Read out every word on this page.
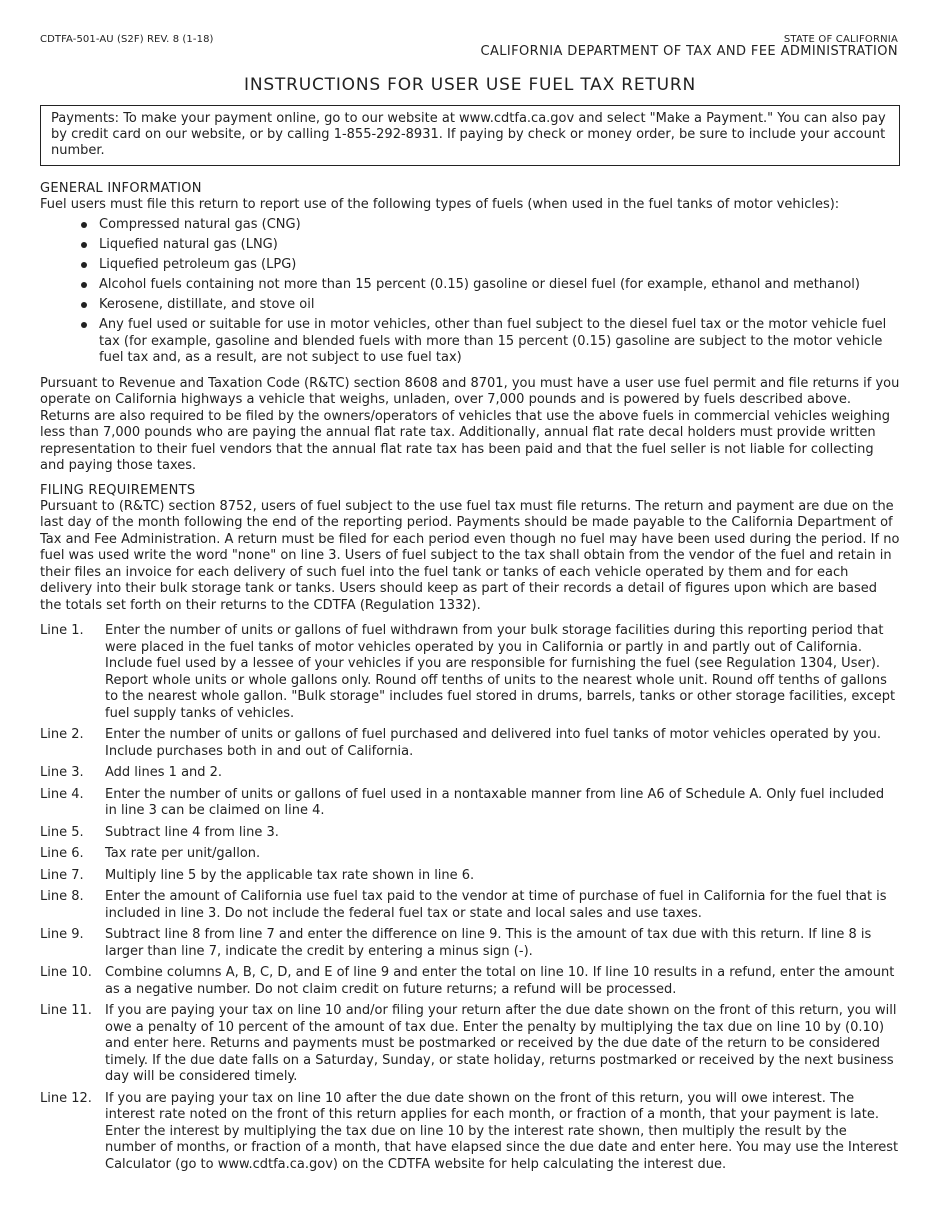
CDTFA-501-AU (S2F) REV. 8 (1-18)	STATE OF CALIFORNIA
CALIFORNIA DEPARTMENT OF TAX AND FEE ADMINISTRATION
INSTRUCTIONS FOR USER USE FUEL TAX RETURN
Payments: To make your payment online, go to our website at www.cdtfa.ca.gov and select "Make a Payment." You can also pay by credit card on our website, or by calling 1-855-292-8931. If paying by check or money order, be sure to include your account number.
GENERAL INFORMATION
Fuel users must file this return to report use of the following types of fuels (when used in the fuel tanks of motor vehicles):
Compressed natural gas (CNG)
Liquefied natural gas (LNG)
Liquefied petroleum gas (LPG)
Alcohol fuels containing not more than 15 percent (0.15) gasoline or diesel fuel (for example, ethanol and methanol)
Kerosene, distillate, and stove oil
Any fuel used or suitable for use in motor vehicles, other than fuel subject to the diesel fuel tax or the motor vehicle fuel tax (for example, gasoline and blended fuels with more than 15 percent (0.15) gasoline are subject to the motor vehicle fuel tax and, as a result, are not subject to use fuel tax)
Pursuant to Revenue and Taxation Code (R&TC) section 8608 and 8701, you must have a user use fuel permit and file returns if you operate on California highways a vehicle that weighs, unladen, over 7,000 pounds and is powered by fuels described above. Returns are also required to be filed by the owners/operators of vehicles that use the above fuels in commercial vehicles weighing less than 7,000 pounds who are paying the annual flat rate tax. Additionally, annual flat rate decal holders must provide written representation to their fuel vendors that the annual flat rate tax has been paid and that the fuel seller is not liable for collecting and paying those taxes.
FILING REQUIREMENTS
Pursuant to (R&TC) section 8752, users of fuel subject to the use fuel tax must file returns. The return and payment are due on the last day of the month following the end of the reporting period. Payments should be made payable to the California Department of Tax and Fee Administration. A return must be filed for each period even though no fuel may have been used during the period. If no fuel was used write the word "none" on line 3. Users of fuel subject to the tax shall obtain from the vendor of the fuel and retain in their files an invoice for each delivery of such fuel into the fuel tank or tanks of each vehicle operated by them and for each delivery into their bulk storage tank or tanks. Users should keep as part of their records a detail of figures upon which are based the totals set forth on their returns to the CDTFA (Regulation 1332).
Line 1.	Enter the number of units or gallons of fuel withdrawn from your bulk storage facilities during this reporting period that were placed in the fuel tanks of motor vehicles operated by you in California or partly in and partly out of California. Include fuel used by a lessee of your vehicles if you are responsible for furnishing the fuel (see Regulation 1304, User). Report whole units or whole gallons only. Round off tenths of units to the nearest whole unit. Round off tenths of gallons to the nearest whole gallon. "Bulk storage" includes fuel stored in drums, barrels, tanks or other storage facilities, except fuel supply tanks of vehicles.
Line 2.	Enter the number of units or gallons of fuel purchased and delivered into fuel tanks of motor vehicles operated by you. Include purchases both in and out of California.
Line 3.	Add lines 1 and 2.
Line 4.	Enter the number of units or gallons of fuel used in a nontaxable manner from line A6 of Schedule A. Only fuel included in line 3 can be claimed on line 4.
Line 5.	Subtract line 4 from line 3.
Line 6.	Tax rate per unit/gallon.
Line 7.	Multiply line 5 by the applicable tax rate shown in line 6.
Line 8.	Enter the amount of California use fuel tax paid to the vendor at time of purchase of fuel in California for the fuel that is included in line 3. Do not include the federal fuel tax or state and local sales and use taxes.
Line 9.	Subtract line 8 from line 7 and enter the difference on line 9. This is the amount of tax due with this return. If line 8 is larger than line 7, indicate the credit by entering a minus sign (-).
Line 10.	Combine columns A, B, C, D, and E of line 9 and enter the total on line 10. If line 10 results in a refund, enter the amount as a negative number. Do not claim credit on future returns; a refund will be processed.
Line 11.	If you are paying your tax on line 10 and/or filing your return after the due date shown on the front of this return, you will owe a penalty of 10 percent of the amount of tax due. Enter the penalty by multiplying the tax due on line 10 by (0.10) and enter here. Returns and payments must be postmarked or received by the due date of the return to be considered timely. If the due date falls on a Saturday, Sunday, or state holiday, returns postmarked or received by the next business day will be considered timely.
Line 12.	If you are paying your tax on line 10 after the due date shown on the front of this return, you will owe interest. The interest rate noted on the front of this return applies for each month, or fraction of a month, that your payment is late. Enter the interest by multiplying the tax due on line 10 by the interest rate shown, then multiply the result by the number of months, or fraction of a month, that have elapsed since the due date and enter here. You may use the Interest Calculator (go to www.cdtfa.ca.gov) on the CDTFA website for help calculating the interest due.
